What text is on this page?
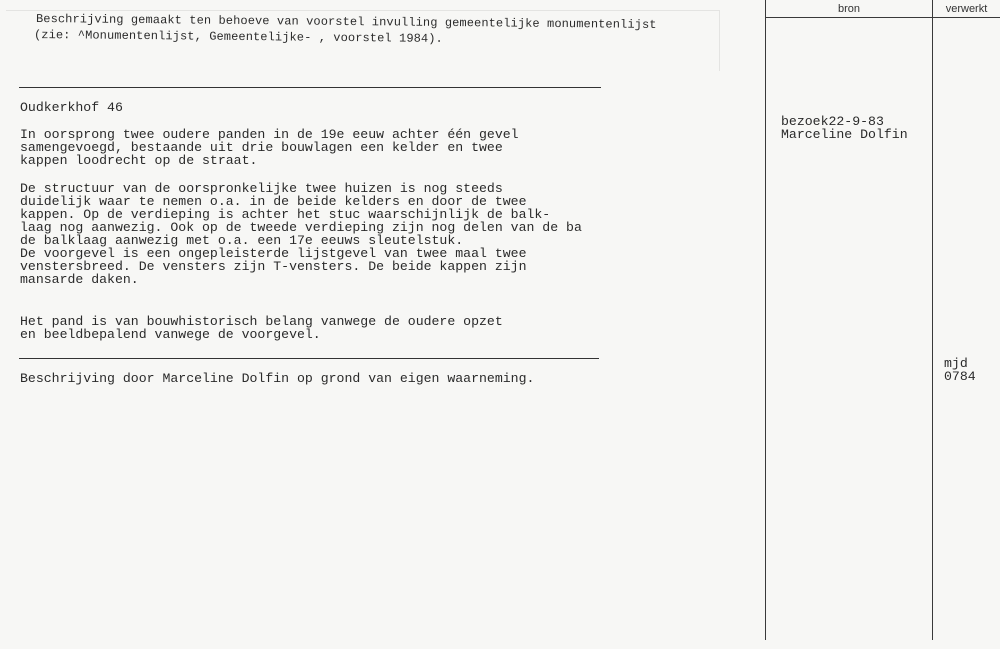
Beschrijving gemaakt ten behoeve van voorstel invulling gemeentelijke monumentenlijst
(zie: ^Monumentenlijst, Gemeentelijke- , voorstel 1984).
Oudkerkhof 46
In oorsprong twee oudere panden in de 19e eeuw achter één gevel
samengevoegd, bestaande uit drie bouwlagen een kelder en twee
kappen loodrecht op de straat.
De structuur van de oorspronkelijke twee huizen is nog steeds
duidelijk waar te nemen o.a. in de beide kelders en door de twee
kappen. Op de verdieping is achter het stuc waarschijnlijk de balk-
laag nog aanwezig. Ook op de tweede verdieping zijn nog delen van de ba
de balklaag aanwezig met o.a. een 17e eeuws sleutelstuk.
De voorgevel is een ongepleisterde lijstgevel van twee maal twee
venstersbreed. De vensters zijn T-vensters. De beide kappen zijn
mansarde daken.
Het pand is van bouwhistorisch belang vanwege de oudere opzet
en beeldbepalend vanwege de voorgevel.
Beschrijving door Marceline Dolfin op grond van eigen waarneming.
bron	verwerkt
bezoek22-9-83
Marceline Dolfin
mjd
0784
